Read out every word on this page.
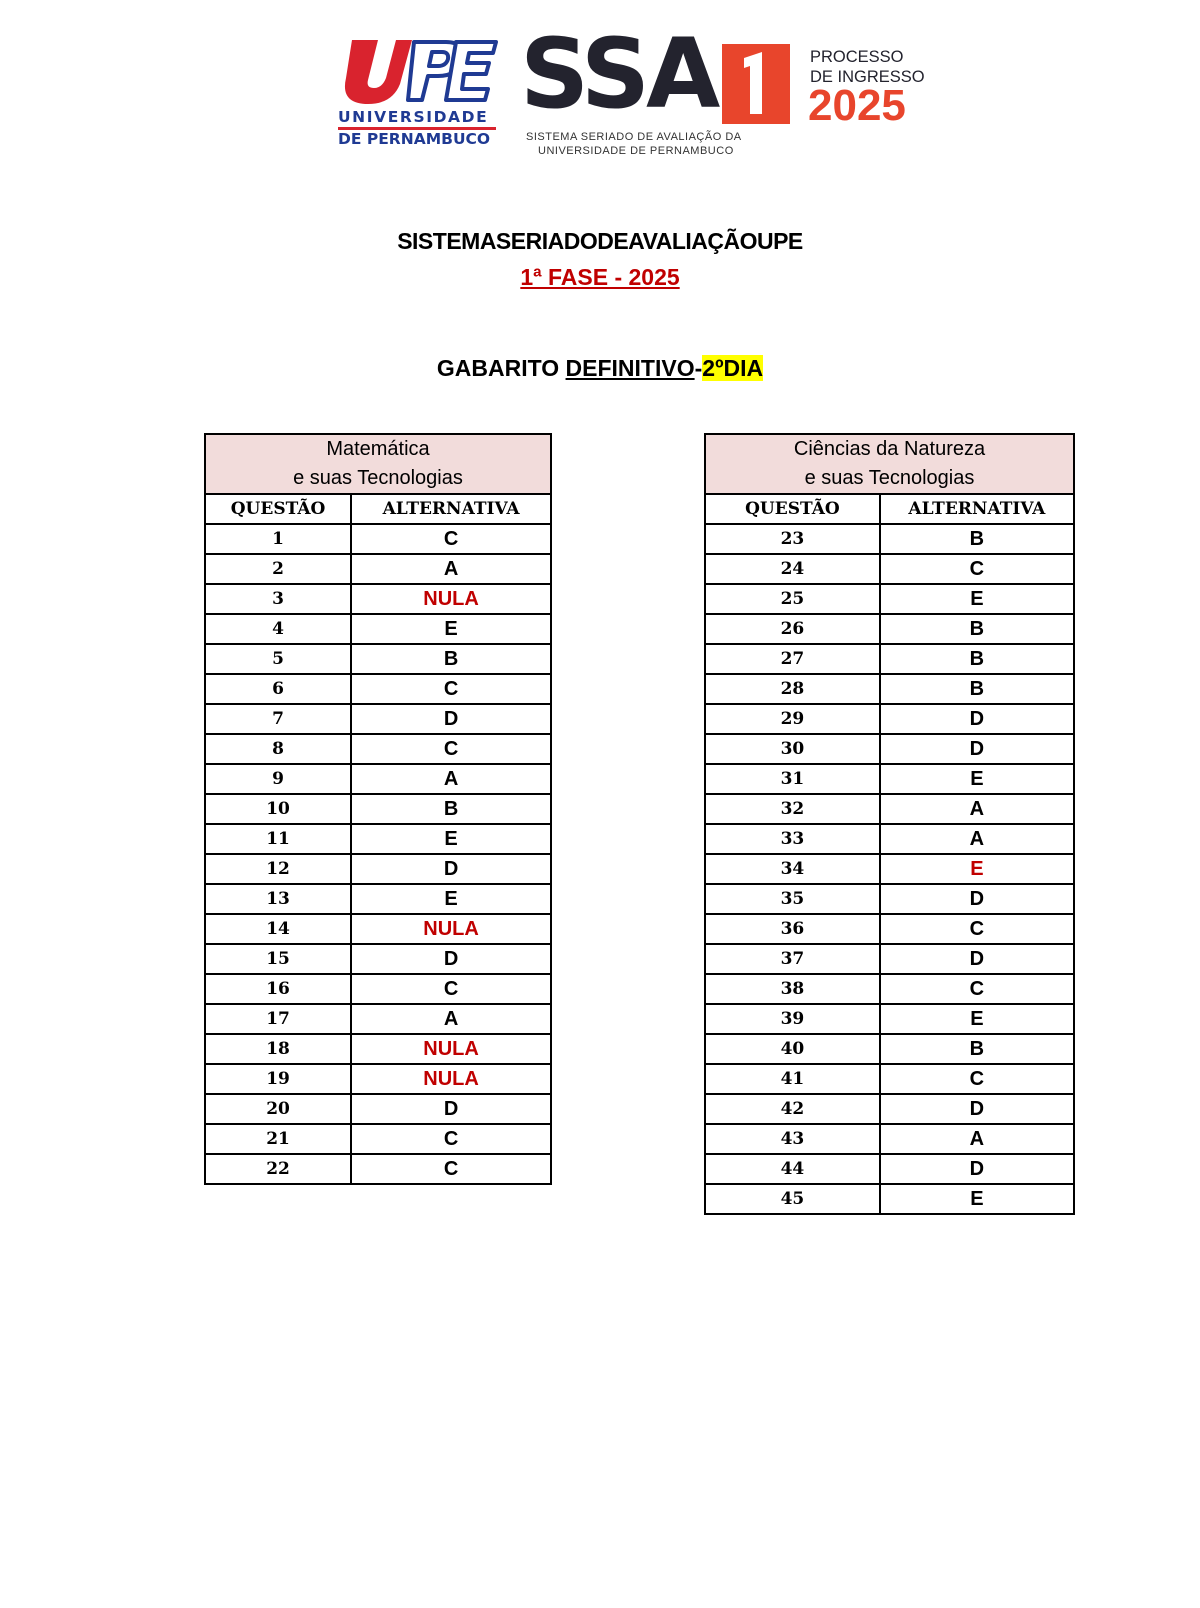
UNIVERSIDADE
DE PERNAMBUCO
SSA
SISTEMA SERIADO DE AVALIAÇÃO DA
UNIVERSIDADE DE PERNAMBUCO
PROCESSO
DE INGRESSO
2025
SISTEMASERIADODEAVALIAÇÃOUPE
1ª FASE - 2025
GABARITO DEFINITIVO-2ºDIA
Matemática
e suas Tecnologias	
QUESTÃO	ALTERNATIVA
1	C
2	A
3	NULA
4	E
5	B
6	C
7	D
8	C
9	A
10	B
11	E
12	D
13	E
14	NULA
15	D
16	C
17	A
18	NULA
19	NULA
20	D
21	C
22	C
Ciências da Natureza
e suas Tecnologias	
QUESTÃO	ALTERNATIVA
23	B
24	C
25	E
26	B
27	B
28	B
29	D
30	D
31	E
32	A
33	A
34	E
35	D
36	C
37	D
38	C
39	E
40	B
41	C
42	D
43	A
44	D
45	E
